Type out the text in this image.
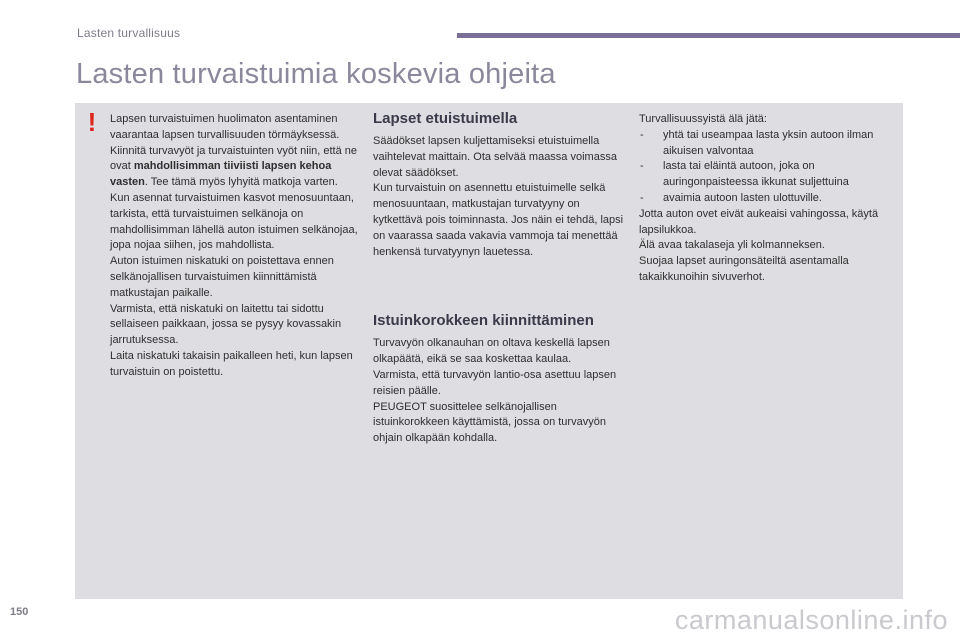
Lasten turvallisuus
Lasten turvaistuimia koskevia ohjeita
!	Lapsen turvaistuimen huolimaton asentaminen vaarantaa lapsen turvallisuuden törmäyksessä.

Kiinnitä turvavyöt ja turvaistuinten vyöt niin, että ne ovat mahdollisimman tiiviisti lapsen kehoa vasten. Tee tämä myös lyhyitä matkoja varten.

Kun asennat turvaistuimen kasvot menosuuntaan, tarkista, että turvaistuimen selkänoja on mahdollisimman lähellä auton istuimen selkänojaa, jopa nojaa siihen, jos mahdollista.

Auton istuimen niskatuki on poistettava ennen selkänojallisen turvaistuimen kiinnittämistä matkustajan paikalle.

Varmista, että niskatuki on laitettu tai sidottu sellaiseen paikkaan, jossa se pysyy kovassakin jarrutuksessa.

Laita niskatuki takaisin paikalleen heti, kun lapsen turvaistuin on poistettu.

Lapset etuistuimella

Säädökset lapsen kuljettamiseksi etuistuimella vaihtelevat maittain. Ota selvää maassa voimassa olevat säädökset.

Kun turvaistuin on asennettu etuistuimelle selkä menosuuntaan, matkustajan turvatyyny on kytkettävä pois toiminnasta. Jos näin ei tehdä, lapsi on vaarassa saada vakavia vammoja tai menettää henkensä turvatyynyn lauetessa.

Istuinkorokkeen kiinnittäminen

Turvavyön olkanauhan on oltava keskellä lapsen olkapäätä, eikä se saa koskettaa kaulaa.

Varmista, että turvavyön lantio-osa asettuu lapsen reisien päälle.

PEUGEOT suosittelee selkänojallisen istuinkorokkeen käyttämistä, jossa on turvavyön ohjain olkapään kohdalla.

Turvallisuussyistä älä jätä:

- yhtä tai useampaa lasta yksin autoon ilman aikuisen valvontaa
- lasta tai eläintä autoon, joka on auringonpaisteessa ikkunat suljettuina
- avaimia autoon lasten ulottuville.

Jotta auton ovet eivät aukeaisi vahingossa, käytä lapsilukkoa.

Älä avaa takalaseja yli kolmanneksen.

Suojaa lapset auringonsäteiltä asentamalla takaikkunoihin sivuverhot.

150	carmanualsonline.info
